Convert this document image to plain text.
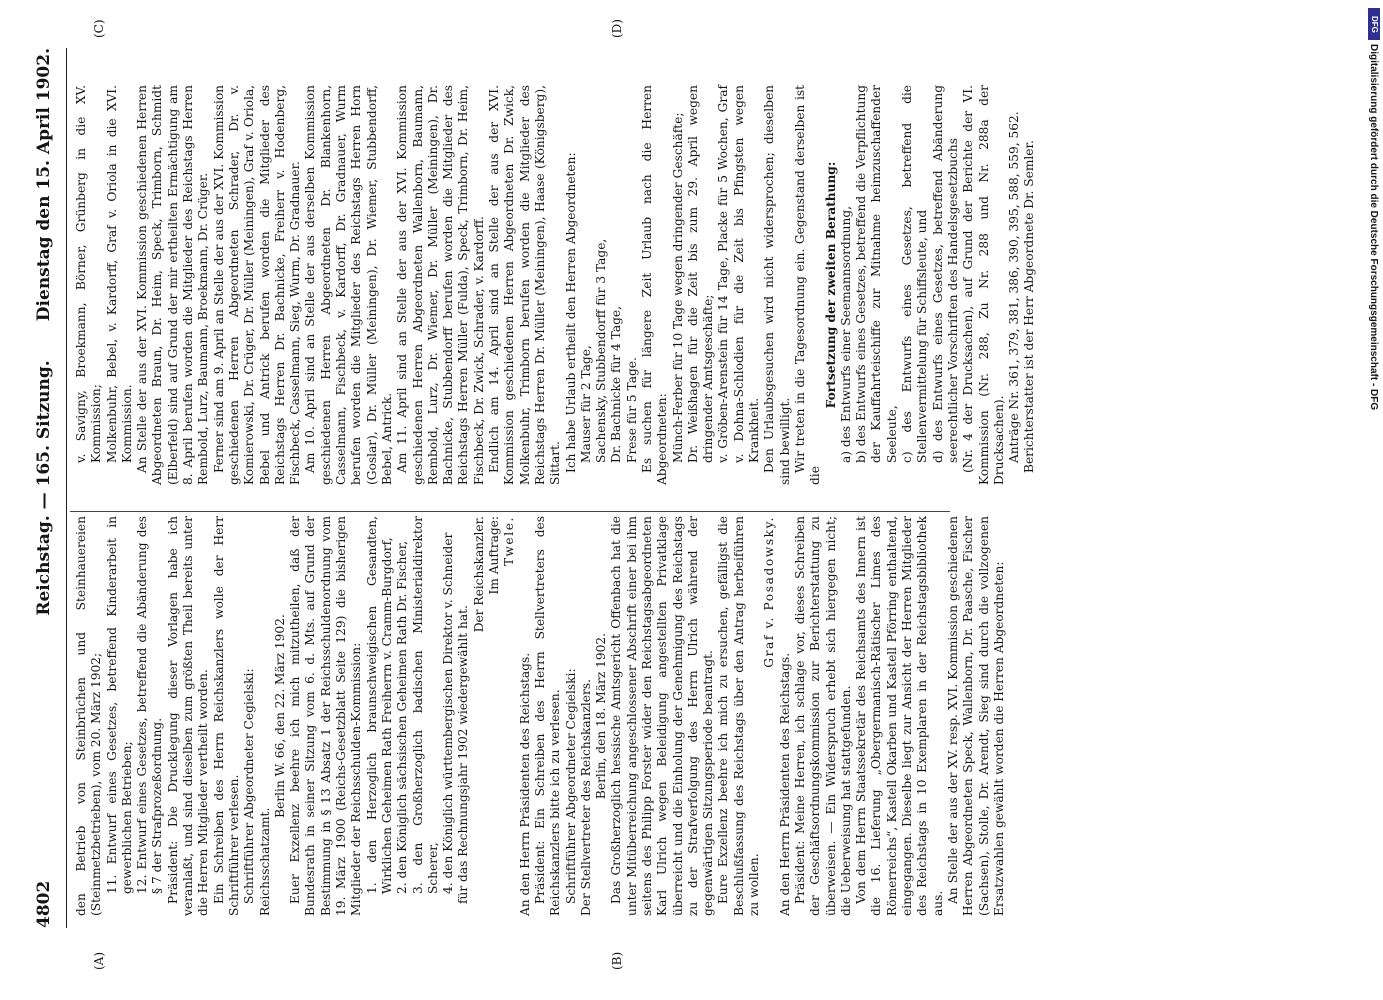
4802
Reichstag. — 165. Sitzung.
Dienstag den 15. April 1902.
(A)	(B)
(C)	(D)

den Betrieb von Steinbrüchen und Steinhauereien (Steinmetzbetrieben), vom 20. März 1902; 11. Entwurf eines Gesetzes, betreffend Kinderarbeit in gewerblichen Betrieben; 12. Entwurf eines Gesetzes, betreffend die Abänderung des § 7 der Strafprozeßordnung. Präsident: Die Drucklegung dieser Vorlagen habe ich veranlaßt, und sind dieselben zum größten Theil bereits unter die Herren Mitglieder vertheilt worden. Ein Schreiben des Herrn Reichskanzlers wolle der Herr Schriftführer verlesen. Schriftführer Abgeordneter Cegielski: Reichsschatzamt.

Berlin W. 66, den 22. März 1902. Euer Exzellenz beehre ich mich mitzutheilen, daß der Bundesrath in seiner Sitzung vom 6. d. Mts. auf Grund der Bestimmung in § 13 Absatz 1 der Reichsschuldenordnung vom 19. März 1900 (Reichs-Gesetzblatt Seite 129) die bisherigen Mitglieder der Reichsschulden-Kommission: 1. den Herzoglich braunschweigischen Gesandten, Wirklichen Geheimen Rath Freiherrn v. Cramm-Burgdorf, 2. den Königlich sächsischen Geheimen Rath Dr. Fischer, 3. den Großherzoglich badischen Ministerialdirektor Scherer, 4. den Königlich württembergischen Direktor v. Schneider für das Rechnungsjahr 1902 wiedergewählt hat.

Der Reichskanzler. Im Auftrage: Twele.

An den Herrn Präsidenten des Reichstags. Präsident: Ein Schreiben des Herrn Stellvertreters des Reichskanzlers bitte ich zu verlesen. Schriftführer Abgeordneter Cegielski: Der Stellvertreter des Reichskanzlers. Berlin, den 18. März 1902. Das Großherzoglich hessische Amtsgericht Offenbach hat die unter Mitüberreichung angeschlossener Abschrift einer bei ihm seitens des Philipp Forster wider den Reichstagsabgeordneten Karl Ulrich wegen Beleidigung angestellten Privatklage überreicht und die Einholung der Genehmigung des Reichstags zu der Strafverfolgung des Herrn Ulrich während der gegenwärtigen Sitzungsperiode beantragt. Eure Exzellenz beehre ich mich zu ersuchen, gefälligst die Beschlußfassung des Reichstags über den Antrag herbeiführen zu wollen.

Graf v. Posadowsky.

An den Herrn Präsidenten des Reichstags. Präsident: Meine Herren, ich schlage vor, dieses Schreiben der Geschäftsordnungskommission zur Berichterstattung zu überweisen. — Ein Widerspruch erhebt sich hiergegen nicht; die Ueberweisung hat stattgefunden. Von dem Herrn Staatssekretär des Reichsamts des Innern ist die 16. Lieferung „Obergermanisch-Rätischer Limes des Römerreichs“, Kastell Okarben und Kastell Pförring enthaltend, eingegangen. Dieselbe liegt zur Ansicht der Herren Mitglieder des Reichstags in 10 Exemplaren in der Reichstagsbibliothek aus. An Stelle der aus der XV. resp. XVI. Kommission geschiedenen Herren Abgeordneten Speck, Wallenborn, Dr. Paasche, Fischer (Sachsen), Stolle, Dr. Arendt, Sieg sind durch die vollzogenen Ersatzwahlen gewählt worden die Herren Abgeordneten:

v. Savigny, Broekmann, Börner, Grünberg in die XV. Kommission; Molkenbuhr, Bebel, v. Kardorff, Graf v. Oriola in die XVI. Kommission. An Stelle der aus der XVI. Kommission geschiedenen Herren Abgeordneten Braun, Dr. Heim, Speck, Trimborn, Schmidt (Elberfeld) sind auf Grund der mir ertheilten Ermächtigung am 8. April berufen worden die Mitglieder des Reichstags Herren Rembold, Lurz, Baumann, Broekmann, Dr. Crüger. Ferner sind am 9. April an Stelle der aus der XVI. Kommission geschiedenen Herren Abgeordneten Schrader, Dr. v. Komierowski, Dr. Crüger, Dr. Müller (Meiningen), Graf v. Oriola, Bebel und Antrick berufen worden die Mitglieder des Reichstags Herren Dr. Bachnicke, Freiherr v. Hodenberg, Fischbeck, Casselmann, Sieg, Wurm, Dr. Gradnauer. Am 10. April sind an Stelle der aus derselben Kommission geschiedenen Herren Abgeordneten Dr. Blankenhorn, Casselmann, Fischbeck, v. Kardorff, Dr. Gradnauer, Wurm berufen worden die Mitglieder des Reichstags Herren Horn (Goslar), Dr. Müller (Meiningen), Dr. Wiemer, Stubbendorff, Bebel, Antrick. Am 11. April sind an Stelle der aus der XVI. Kommission geschiedenen Herren Abgeordneten Wallenborn, Baumann, Rembold, Lurz, Dr. Wiemer, Dr. Müller (Meiningen), Dr. Bachnicke, Stubbendorff berufen worden die Mitglieder des Reichstags Herren Müller (Fulda), Speck, Trimborn, Dr. Heim, Fischbeck, Dr. Zwick, Schrader, v. Kardorff. Endlich am 14. April sind an Stelle der aus der XVI. Kommission geschiedenen Herren Abgeordneten Dr. Zwick, Molkenbuhr, Trimborn berufen worden die Mitglieder des Reichstags Herren Dr. Müller (Meiningen), Haase (Königsberg), Sittart. Ich habe Urlaub ertheilt den Herren Abgeordneten: Mauser für 2 Tage, Sachensky, Stubbendorff für 3 Tage, Dr. Bachnicke für 4 Tage, Frese für 5 Tage. Es suchen für längere Zeit Urlaub nach die Herren Abgeordneten: Münch-Ferber für 10 Tage wegen dringender Geschäfte; Dr. Weißhagen für die Zeit bis zum 29. April wegen dringender Amtsgeschäfte; v. Gröben-Arenstein für 14 Tage, Placke für 5 Wochen, Graf v. Dohna-Schlodien für die Zeit bis Pfingsten wegen Krankheit. Den Urlaubsgesuchen wird nicht widersprochen; dieselben sind bewilligt. Wir treten in die Tagesordnung ein. Gegenstand derselben ist die

Fortsetzung der zweiten Berathung: a) des Entwurfs einer Seemannsordnung, b) des Entwurfs eines Gesetzes, betreffend die Verpflichtung der Kauffahrteischiffe zur Mitnahme heimzuschaffender Seeleute, c) des Entwurfs eines Gesetzes, betreffend die Stellenvermittelung für Schiffsleute, und d) des Entwurfs eines Gesetzes, betreffend Abänderung seerechtlicher Vorschriften des Handelsgesetzbuchs (Nr. 4 der Drucksachen), auf Grund der Berichte der VI. Kommission (Nr. 288, Zu Nr. 288 und Nr. 288a der Drucksachen). Anträge Nr. 361, 379, 381, 386, 390, 395, 588, 559, 562. Berichterstatter ist der Herr Abgeordnete Dr. Semler.

DFG
Digitalisierung gefördert durch die Deutsche Forschungsgemeinschaft - DFG
